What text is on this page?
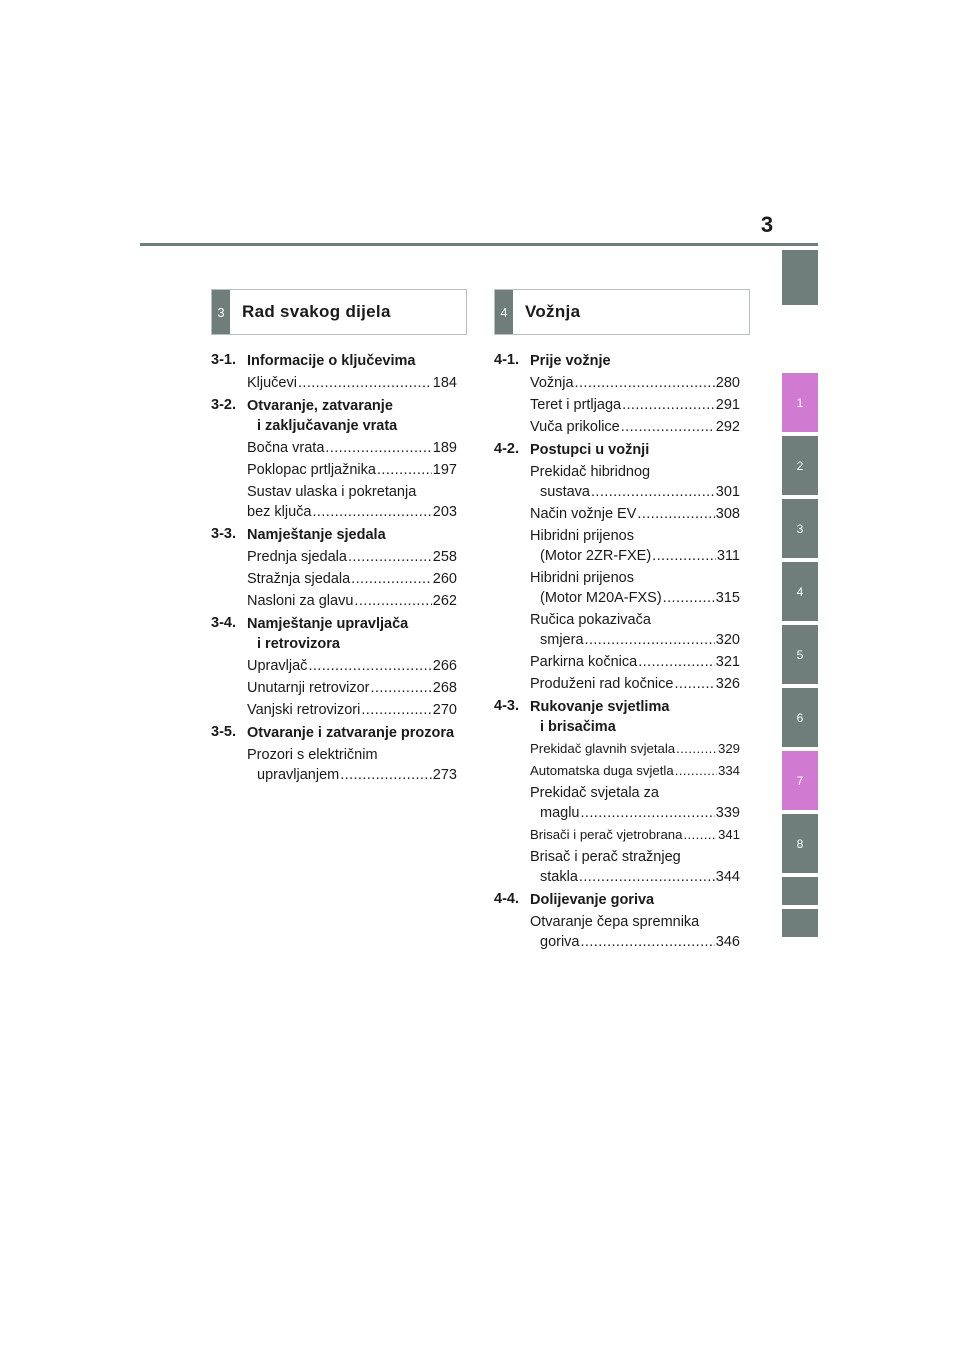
3
1
2
3
4
5
6
7
8
3	Rad svakog dijela	4	Vožnja
3-1. Informacije o ključevima
Ključevi .....	184
3-2. Otvaranje, zatvaranje
i zaključavanje vrata
Bočna vrata .....	189
Poklopac prtljažnika .....	197
Sustav ulaska i pokretanja
bez ključa .....	203
3-3. Namještanje sjedala
Prednja sjedala .....	258
Stražnja sjedala .....	260
Nasloni za glavu .....	262
3-4. Namještanje upravljača
i retrovizora
Upravljač .....	266
Unutarnji retrovizor .....	268
Vanjski retrovizori .....	270
3-5. Otvaranje i zatvaranje prozora
Prozori s električnim
upravljanjem .....	273
4-1. Prije vožnje
Vožnja .....	280
Teret i prtljaga .....	291
Vuča prikolice .....	292
4-2. Postupci u vožnji
Prekidač hibridnog
sustava .....	301
Način vožnje EV .....	308
Hibridni prijenos
(Motor 2ZR-FXE) .....	311
Hibridni prijenos
(Motor M20A-FXS) .....	315
Ručica pokazivača
smjera .....	320
Parkirna kočnica .....	321
Produženi rad kočnice .....	326
4-3. Rukovanje svjetlima
i brisačima
Prekidač glavnih svjetala .....	329
Automatska duga svjetla .....	334
Prekidač svjetala za
maglu .....	339
Brisači i perač vjetrobrana .....	341
Brisač i perač stražnjeg
stakla .....	344
4-4. Dolijevanje goriva
Otvaranje čepa spremnika
goriva .....	346
